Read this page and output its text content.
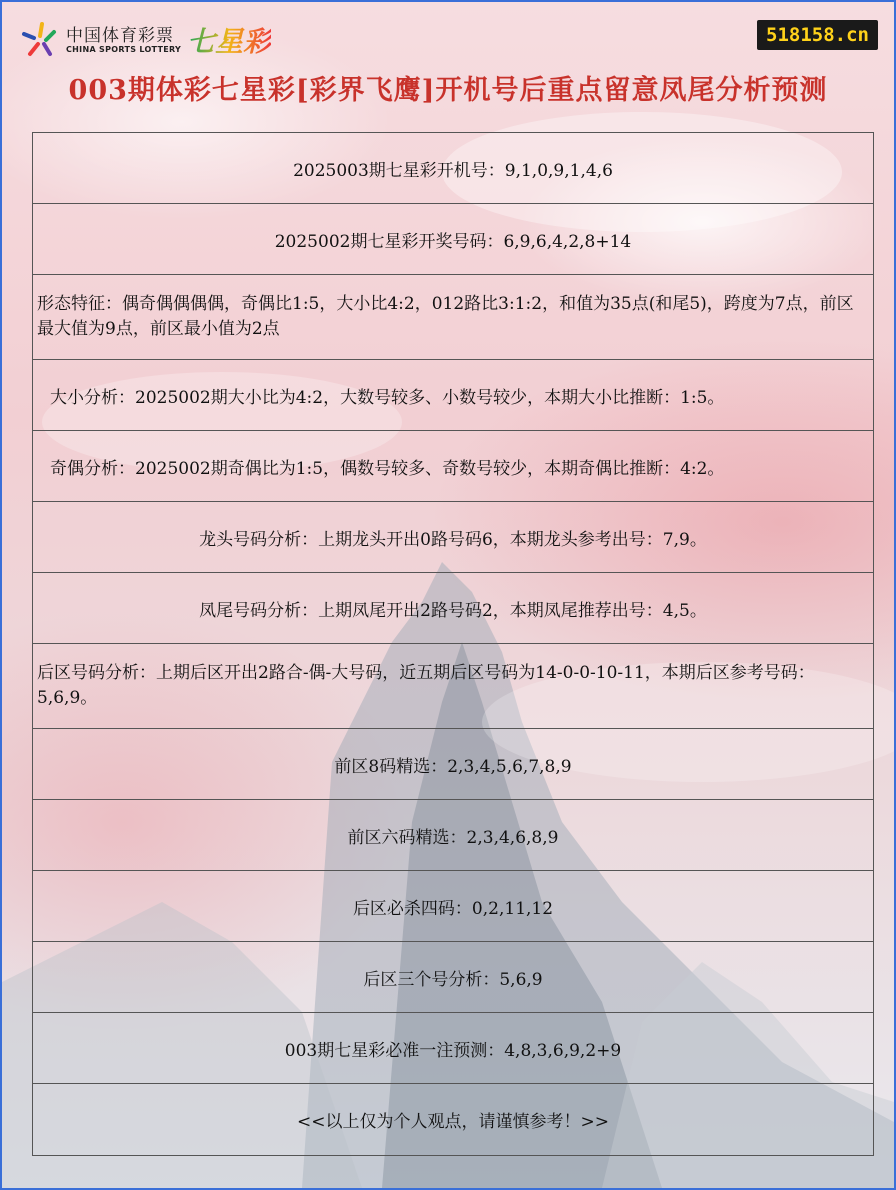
中国体育彩票
CHINA SPORTS LOTTERY 七星彩	518158.cn
003期体彩七星彩[彩界飞鹰]开机号后重点留意凤尾分析预测
2025003期七星彩开机号：9,1,0,9,1,4,6
2025002期七星彩开奖号码：6,9,6,4,2,8+14
形态特征：偶奇偶偶偶偶，奇偶比1:5，大小比4:2，012路比3:1:2，和值为35点(和尾5)，跨度为7点，前区最大值为9点，前区最小值为2点
大小分析：2025002期大小比为4:2，大数号较多、小数号较少，本期大小比推断：1:5。
奇偶分析：2025002期奇偶比为1:5，偶数号较多、奇数号较少，本期奇偶比推断：4:2。
龙头号码分析：上期龙头开出0路号码6，本期龙头参考出号：7,9。
凤尾号码分析：上期凤尾开出2路号码2，本期凤尾推荐出号：4,5。
后区号码分析：上期后区开出2路合-偶-大号码，近五期后区号码为14-0-0-10-11，本期后区参考号码：5,6,9。
前区8码精选：2,3,4,5,6,7,8,9
前区六码精选：2,3,4,6,8,9
后区必杀四码：0,2,11,12
后区三个号分析：5,6,9
003期七星彩必准一注预测：4,8,3,6,9,2+9
<<以上仅为个人观点，请谨慎参考！>>
